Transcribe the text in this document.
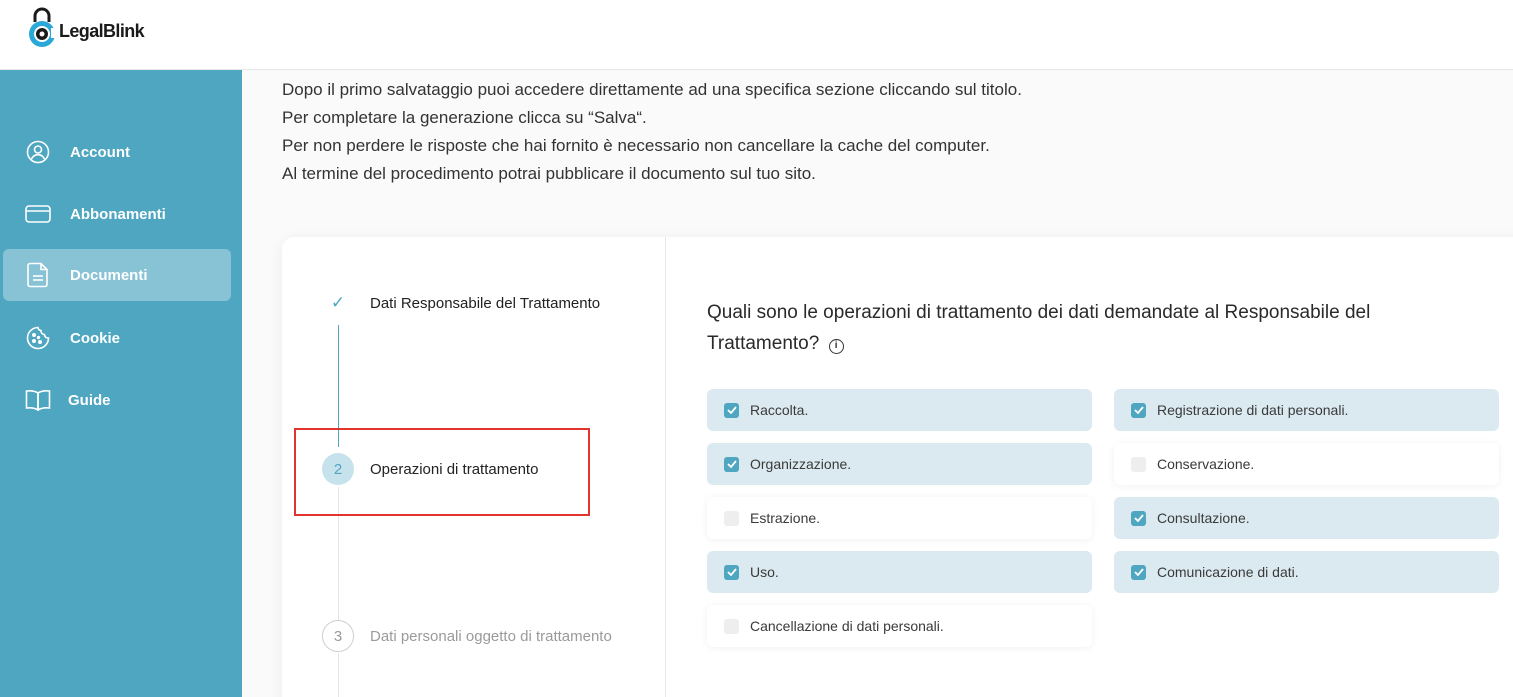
LegalBlink
Account
Abbonamenti
Documenti
Cookie
Guide

Dopo il primo salvataggio puoi accedere direttamente ad una specifica sezione cliccando sul titolo.

Per completare la generazione clicca su “Salva“.

Per non perdere le risposte che hai fornito è necessario non cancellare la cache del computer.

Al termine del procedimento potrai pubblicare il documento sul tuo sito.

✓	Dati Responsabile del Trattamento
2	Operazioni di trattamento
3	Dati personali oggetto di trattamento
Quali sono le operazioni di trattamento dei dati demandate al Responsabile del Trattamento? i
Raccolta.	Registrazione di dati personali.
Organizzazione.	Conservazione.
Estrazione.	Consultazione.
Uso.	Comunicazione di dati.
Cancellazione di dati personali.
